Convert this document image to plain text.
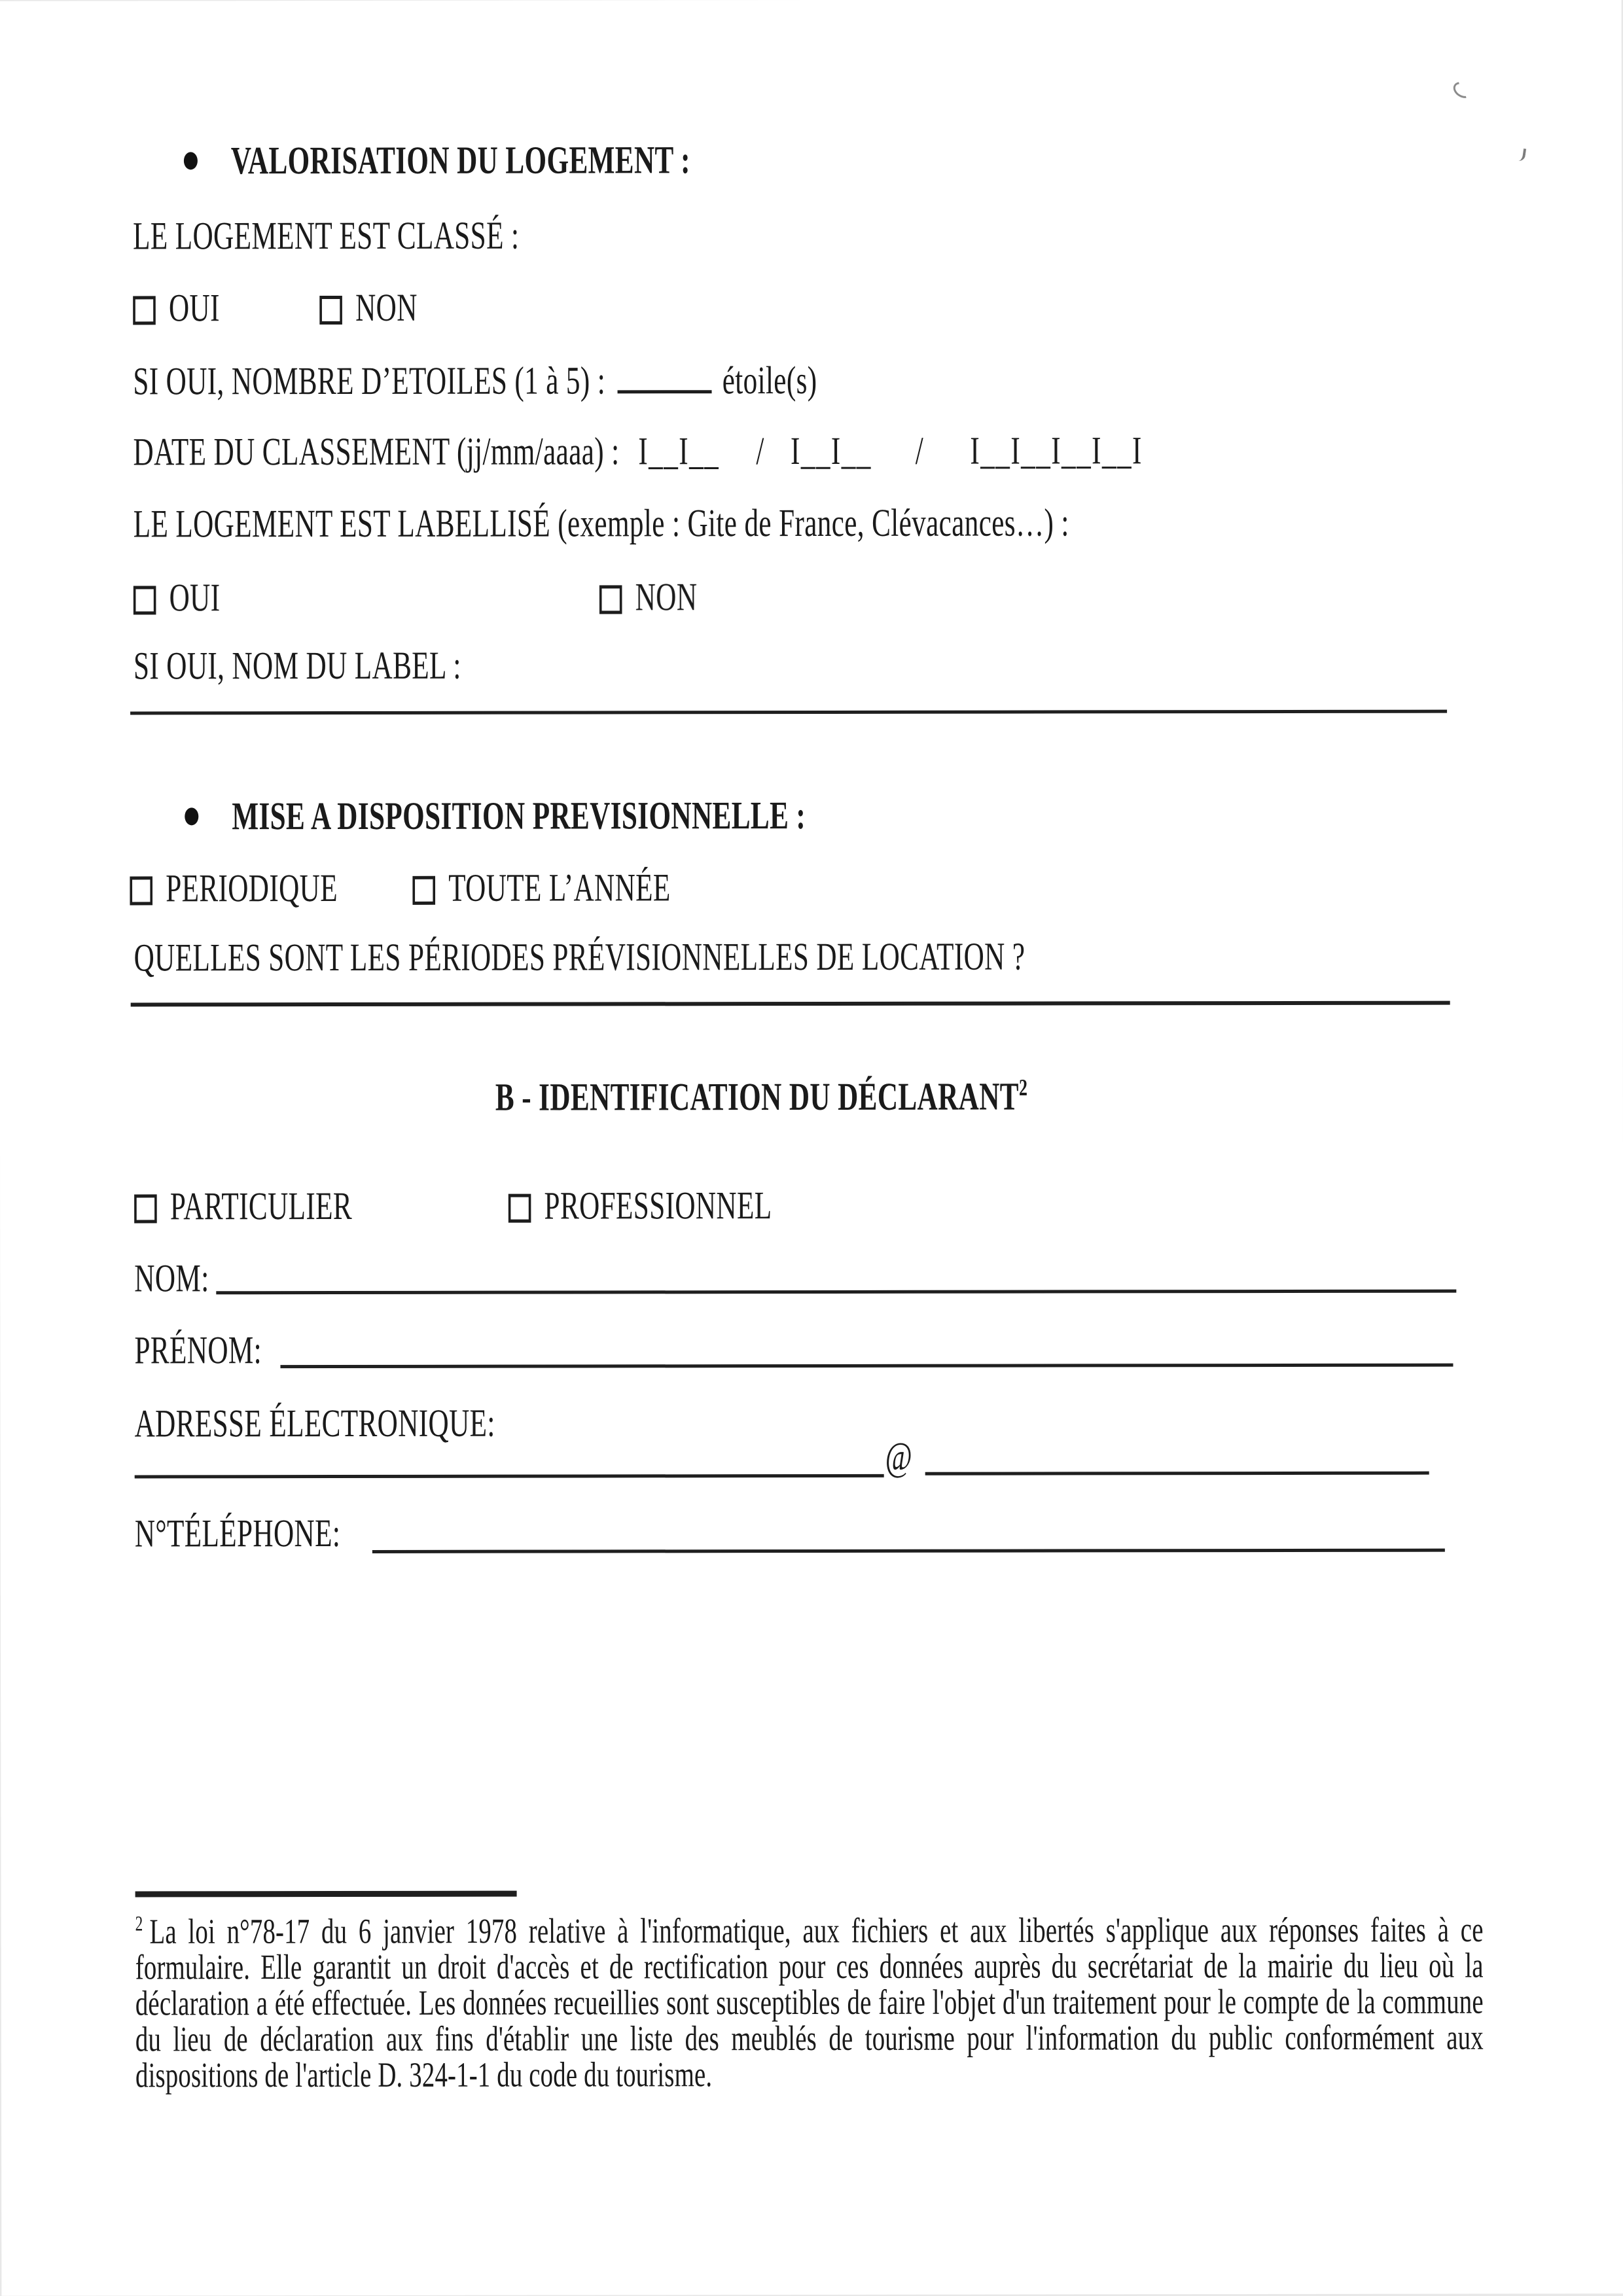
VALORISATION DU LOGEMENT :
LE LOGEMENT EST CLASSÉ :
OUI	NON
SI OUI, NOMBRE D’ETOILES (1 à 5) :	étoile(s)
DATE DU CLASSEMENT (jj/mm/aaaa) : I__I__ / I__I__ / I__I__I__I__I
LE LOGEMENT EST LABELLISÉ (exemple : Gite de France, Clévacances…) :
OUI	NON
SI OUI, NOM DU LABEL :
MISE A DISPOSITION PREVISIONNELLE :
PERIODIQUE	TOUTE L’ANNÉE
QUELLES SONT LES PÉRIODES PRÉVISIONNELLES DE LOCATION ?
B - IDENTIFICATION DU DÉCLARANT$^2$
PARTICULIER	PROFESSIONNEL
NOM:
PRÉNOM:
ADRESSE ÉLECTRONIQUE:
@
N°TÉLÉPHONE:
$^2$ La loi n°78-17 du 6 janvier 1978 relative à l'informatique, aux fichiers et aux libertés s'applique aux réponses faites à ce formulaire. Elle garantit un droit d'accès et de rectification pour ces données auprès du secrétariat de la mairie du lieu où la déclaration a été effectuée. Les données recueillies sont susceptibles de faire l'objet d'un traitement pour le compte de la commune du lieu de déclaration aux fins d'établir une liste des meublés de tourisme pour l'information du public conformément aux dispositions de l'article D. 324-1-1 du code du tourisme.
